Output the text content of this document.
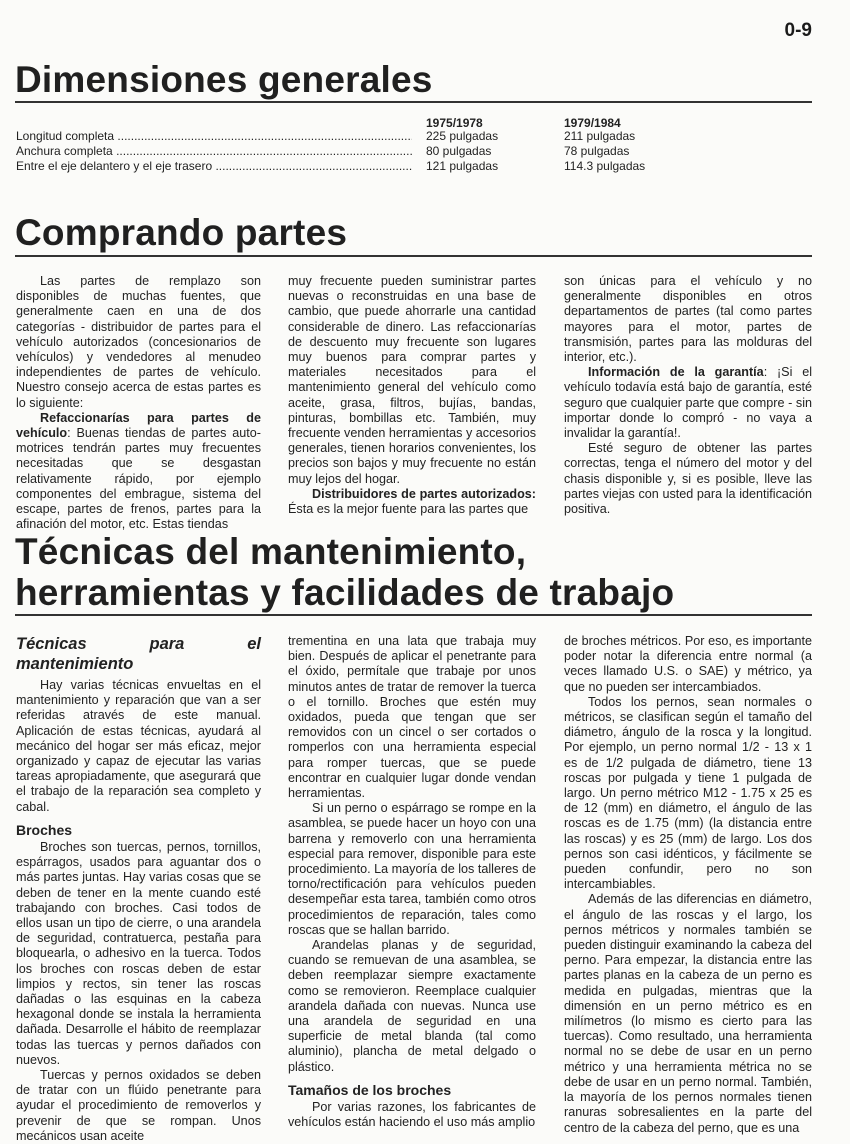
0-9
Dimensiones generales
1975/1978	1979/1984
Longitud completa .....	225 pulgadas	211 pulgadas
Anchura completa .....	80 pulgadas	78 pulgadas
Entre el eje delantero y el eje trasero .....	121 pulgadas	114.3 pulgadas
Comprando partes

Las partes de remplazo son disponibles de muchas fuentes, que generalmente caen en una de dos categorías - distribuidor de partes para el vehículo autorizados (concesionarios de vehículos) y vendedores al menudeo independientes de partes de vehículo. Nuestro consejo acerca de estas partes es lo siguiente:

Refaccionarías para partes de vehículo: Buenas tiendas de partes auto-motrices tendrán partes muy frecuentes necesitadas que se desgastan relativamente rápido, por ejemplo componentes del embrague, sistema del escape, partes de frenos, partes para la afinación del motor, etc. Estas tiendas

muy frecuente pueden suministrar partes nuevas o reconstruidas en una base de cambio, que puede ahorrarle una cantidad considerable de dinero. Las refaccionarías de descuento muy frecuente son lugares muy buenos para comprar partes y materiales necesitados para el mantenimiento general del vehículo como aceite, grasa, filtros, bujías, bandas, pinturas, bombillas etc. También, muy frecuente venden herramientas y accesorios generales, tienen horarios convenientes, los precios son bajos y muy frecuente no están muy lejos del hogar.

Distribuidores de partes autorizados: Ésta es la mejor fuente para las partes que

son únicas para el vehículo y no generalmente disponibles en otros departamentos de partes (tal como partes mayores para el motor, partes de transmisión, partes para las molduras del interior, etc.).

Información de la garantía: ¡Si el vehículo todavía está bajo de garantía, esté seguro que cualquier parte que compre - sin importar donde lo compró - no vaya a invalidar la garantía!.

Esté seguro de obtener las partes correctas, tenga el número del motor y del chasis disponible y, si es posible, lleve las partes viejas con usted para la identificación positiva.

Técnicas del mantenimiento,
herramientas y facilidades de trabajo
Técnicas para el mantenimiento

Hay varias técnicas envueltas en el mantenimiento y reparación que van a ser referidas através de este manual. Aplicación de estas técnicas, ayudará al mecánico del hogar ser más eficaz, mejor organizado y capaz de ejecutar las varias tareas apropiadamente, que asegurará que el trabajo de la reparación sea completo y cabal.

Broches

Broches son tuercas, pernos, tornillos, espárragos, usados para aguantar dos o más partes juntas. Hay varias cosas que se deben de tener en la mente cuando esté trabajando con broches. Casi todos de ellos usan un tipo de cierre, o una arandela de seguridad, contratuerca, pestaña para bloquearla, o adhesivo en la tuerca. Todos los broches con roscas deben de estar limpios y rectos, sin tener las roscas dañadas o las esquinas en la cabeza hexagonal donde se instala la herramienta dañada. Desarrolle el hábito de reemplazar todas las tuercas y pernos dañados con nuevos.

Tuercas y pernos oxidados se deben de tratar con un flúido penetrante para ayudar el procedimiento de removerlos y prevenir de que se rompan. Unos mecánicos usan aceite

trementina en una lata que trabaja muy bien. Después de aplicar el penetrante para el óxido, permítale que trabaje por unos minutos antes de tratar de remover la tuerca o el tornillo. Broches que estén muy oxidados, pueda que tengan que ser removidos con un cincel o ser cortados o romperlos con una herramienta especial para romper tuercas, que se puede encontrar en cualquier lugar donde vendan herramientas.

Si un perno o espárrago se rompe en la asamblea, se puede hacer un hoyo con una barrena y removerlo con una herramienta especial para remover, disponible para este procedimiento. La mayoría de los talleres de torno/rectificación para vehículos pueden desempeñar esta tarea, también como otros procedimientos de reparación, tales como roscas que se hallan barrido.

Arandelas planas y de seguridad, cuando se remuevan de una asamblea, se deben reemplazar siempre exactamente como se removieron. Reemplace cualquier arandela dañada con nuevas. Nunca use una arandela de seguridad en una superficie de metal blanda (tal como aluminio), plancha de metal delgado o plástico.

Tamaños de los broches

Por varias razones, los fabricantes de vehículos están haciendo el uso más amplio

de broches métricos. Por eso, es importante poder notar la diferencia entre normal (a veces llamado U.S. o SAE) y métrico, ya que no pueden ser intercambiados.

Todos los pernos, sean normales o métricos, se clasifican según el tamaño del diámetro, ángulo de la rosca y la longitud. Por ejemplo, un perno normal 1/2 - 13 x 1 es de 1/2 pulgada de diámetro, tiene 13 roscas por pulgada y tiene 1 pulgada de largo. Un perno métrico M12 - 1.75 x 25 es de 12 (mm) en diámetro, el ángulo de las roscas es de 1.75 (mm) (la distancia entre las roscas) y es 25 (mm) de largo. Los dos pernos son casi idénticos, y fácilmente se pueden confundir, pero no son intercambiables.

Además de las diferencias en diámetro, el ángulo de las roscas y el largo, los pernos métricos y normales también se pueden distinguir examinando la cabeza del perno. Para empezar, la distancia entre las partes planas en la cabeza de un perno es medida en pulgadas, mientras que la dimensión en un perno métrico es en milímetros (lo mismo es cierto para las tuercas). Como resultado, una herramienta normal no se debe de usar en un perno métrico y una herramienta métrica no se debe de usar en un perno normal. También, la mayoría de los pernos normales tienen ranuras sobresalientes en la parte del centro de la cabeza del perno, que es una
